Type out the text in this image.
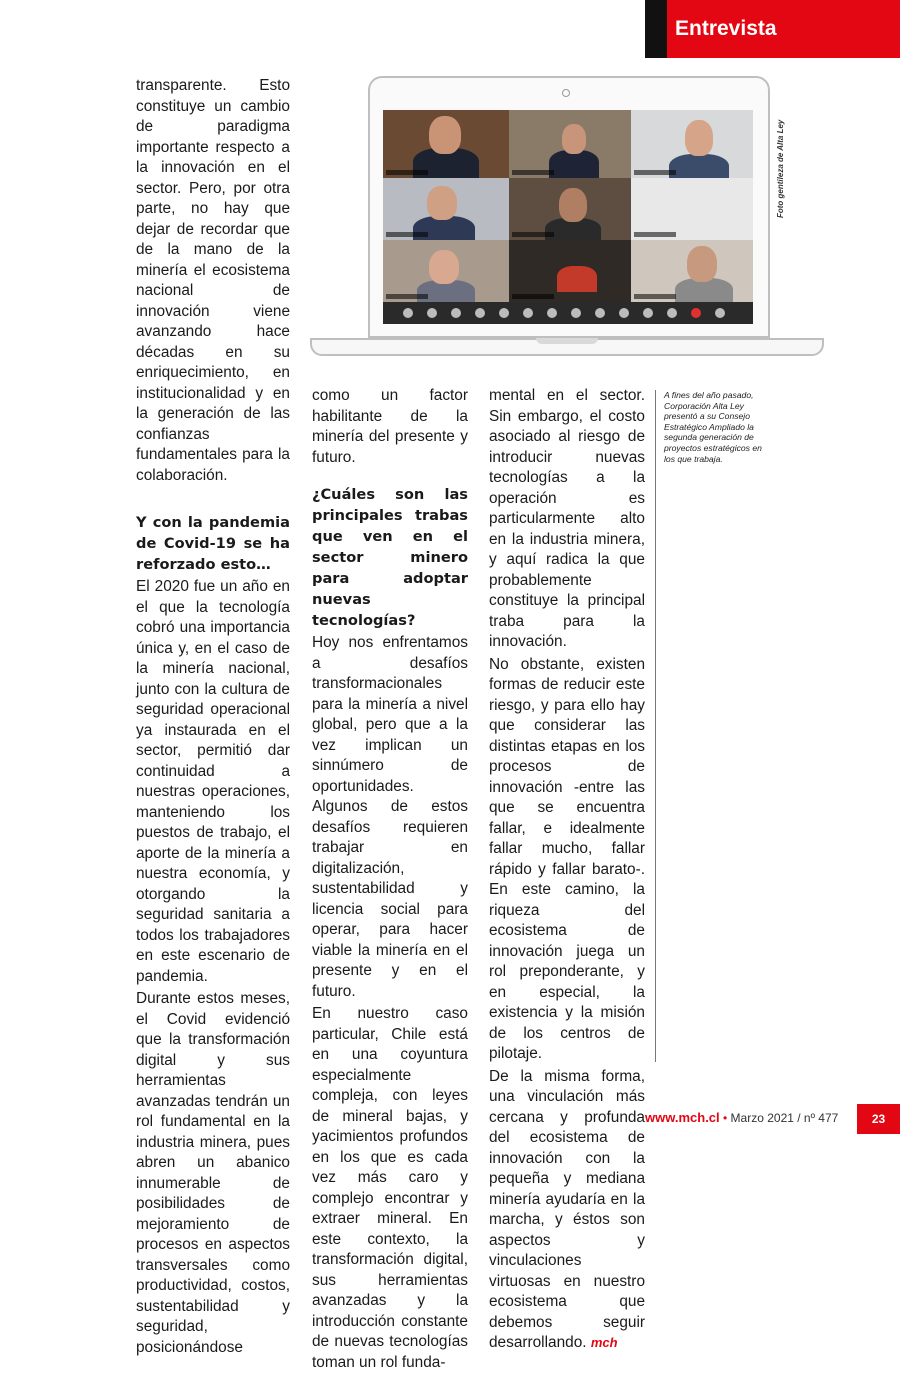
Entrevista
Foto gentileza de Alta Ley

transparente. Esto constituye un cambio de paradigma importante respecto a la innovación en el sector. Pero, por otra parte, no hay que dejar de recordar que de la mano de la minería el ecosistema nacional de innovación viene avanzando hace décadas en su enriquecimiento, en institucionalidad y en la generación de las confianzas fundamentales para la colaboración.

Y con la pandemia de Covid-19 se ha reforzado esto…

El 2020 fue un año en el que la tecnología cobró una importancia única y, en el caso de la minería nacional, junto con la cultura de seguridad operacional ya instaurada en el sector, permitió dar continuidad a nuestras operaciones, manteniendo los puestos de trabajo, el aporte de la minería a nuestra economía, y otorgando la seguridad sanitaria a todos los trabajadores en este escenario de pandemia.

Durante estos meses, el Covid evidenció que la transformación digital y sus herramientas avanzadas tendrán un rol fundamental en la industria minera, pues abren un abanico innumerable de posibilidades de mejoramiento de procesos en aspectos transversales como productividad, costos, sustentabilidad y seguridad, posicionándose

como un factor habilitante de la minería del presente y futuro.

¿Cuáles son las principales trabas que ven en el sector minero para adoptar nuevas tecnologías?

Hoy nos enfrentamos a desafíos transformacionales para la minería a nivel global, pero que a la vez implican un sinnúmero de oportunidades. Algunos de estos desafíos requieren trabajar en digitalización, sustentabilidad y licencia social para operar, para hacer viable la minería en el presente y en el futuro.

En nuestro caso particular, Chile está en una coyuntura especialmente compleja, con leyes de mineral bajas, y yacimientos profundos en los que es cada vez más caro y complejo encontrar y extraer mineral. En este contexto, la transformación digital, sus herramientas avanzadas y la introducción constante de nuevas tecnologías toman un rol funda-

mental en el sector. Sin embargo, el costo asociado al riesgo de introducir nuevas tecnologías a la operación es particularmente alto en la industria minera, y aquí radica la que probablemente constituye la principal traba para la innovación.

No obstante, existen formas de reducir este riesgo, y para ello hay que considerar las distintas etapas en los procesos de innovación -entre las que se encuentra fallar, e idealmente fallar mucho, fallar rápido y fallar barato-. En este camino, la riqueza del ecosistema de innovación juega un rol preponderante, y en especial, la existencia y la misión de los centros de pilotaje.

De la misma forma, una vinculación más cercana y profunda del ecosistema de innovación con la pequeña y mediana minería ayudaría en la marcha, y éstos son aspectos y vinculaciones virtuosas en nuestro ecosistema que debemos seguir desarrollando. mch

A fines del año pasado, Corporación Alta Ley presentó a su Consejo Estratégico Ampliado la segunda generación de proyectos estratégicos en los que trabaja.
www.mch.cl • Marzo 2021 / nº 477	23
